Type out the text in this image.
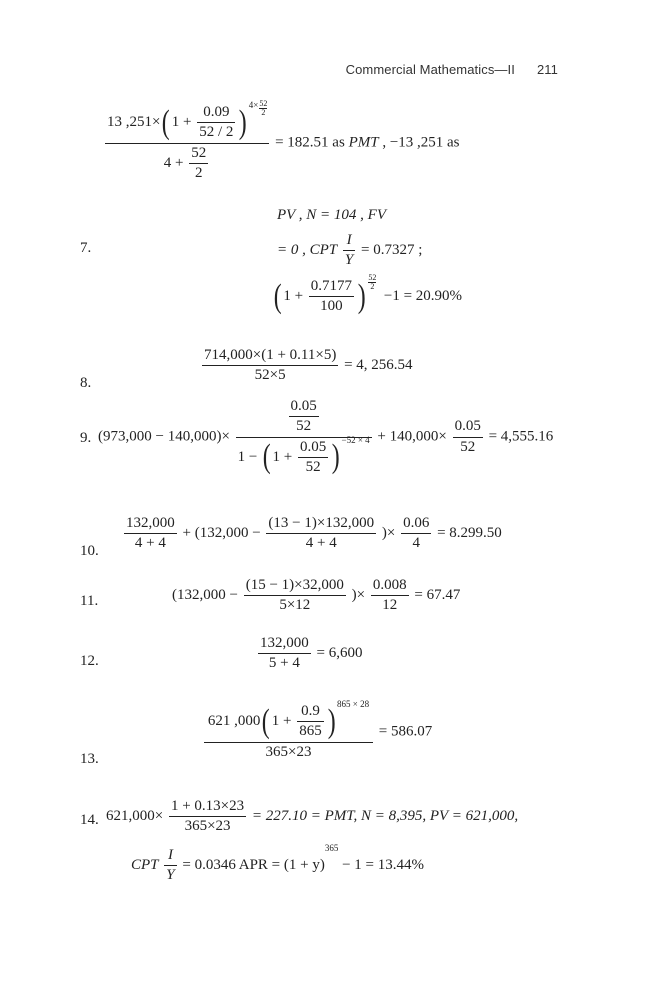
Commercial Mathematics—II 211
13 ,251×( $1 + \frac{0.09}{52 / 2}$ ) $^{4\times \frac{52}{2}}$
$4 + \frac{52}{2} = 182.51$ as PMT , −13 ,251 as
7.
PV , N = 104 , FV
= 0 , CPT $\frac{I}{Y} = 0.7327$ ;
( $1 + \frac{0.7177}{100}$ ) $^{\frac{52}{2}}$
−1 = 20.90%
8.	$\frac{714,000\times(1 + 0.11\times 5)}{52\times 5} = 4$, 256.54
9. $(973,000 - 140,000)\times \frac{\frac{0.05}{52}}{1 - ( 1 + \frac{0.05}{52} ) ^{-52 \times 4}} + 140,000\times \frac{0.05}{52} = 4,555.16$
10. $\frac{132,000}{4 + 4} + (132,000 - \frac{(13 - 1)\times 132,000}{4 + 4}$ )× $\frac{0.06}{4} = 8.299.50$
11.	($132,000 - \frac{(15 - 1)\times 32,000}{5\times 12}$ )× $\frac{0.008}{12} = 67.47$
12.	$\frac{132,000}{5 + 4} = 6,600$
13.	$\frac{621 ,000( 1 + \frac{0.9}{865} ) ^{865 \times 28}}{365\times 23} = 586.07$
14. $621,000\times \frac{1 + 0.13\times 23}{365\times 23} = 227.10$ = PMT, N = 8,395, PV = 621,000,
CPT $\frac{I}{Y} = 0.0346$ APR = $(1 + y)^{365} - 1 = 13.44\%$
